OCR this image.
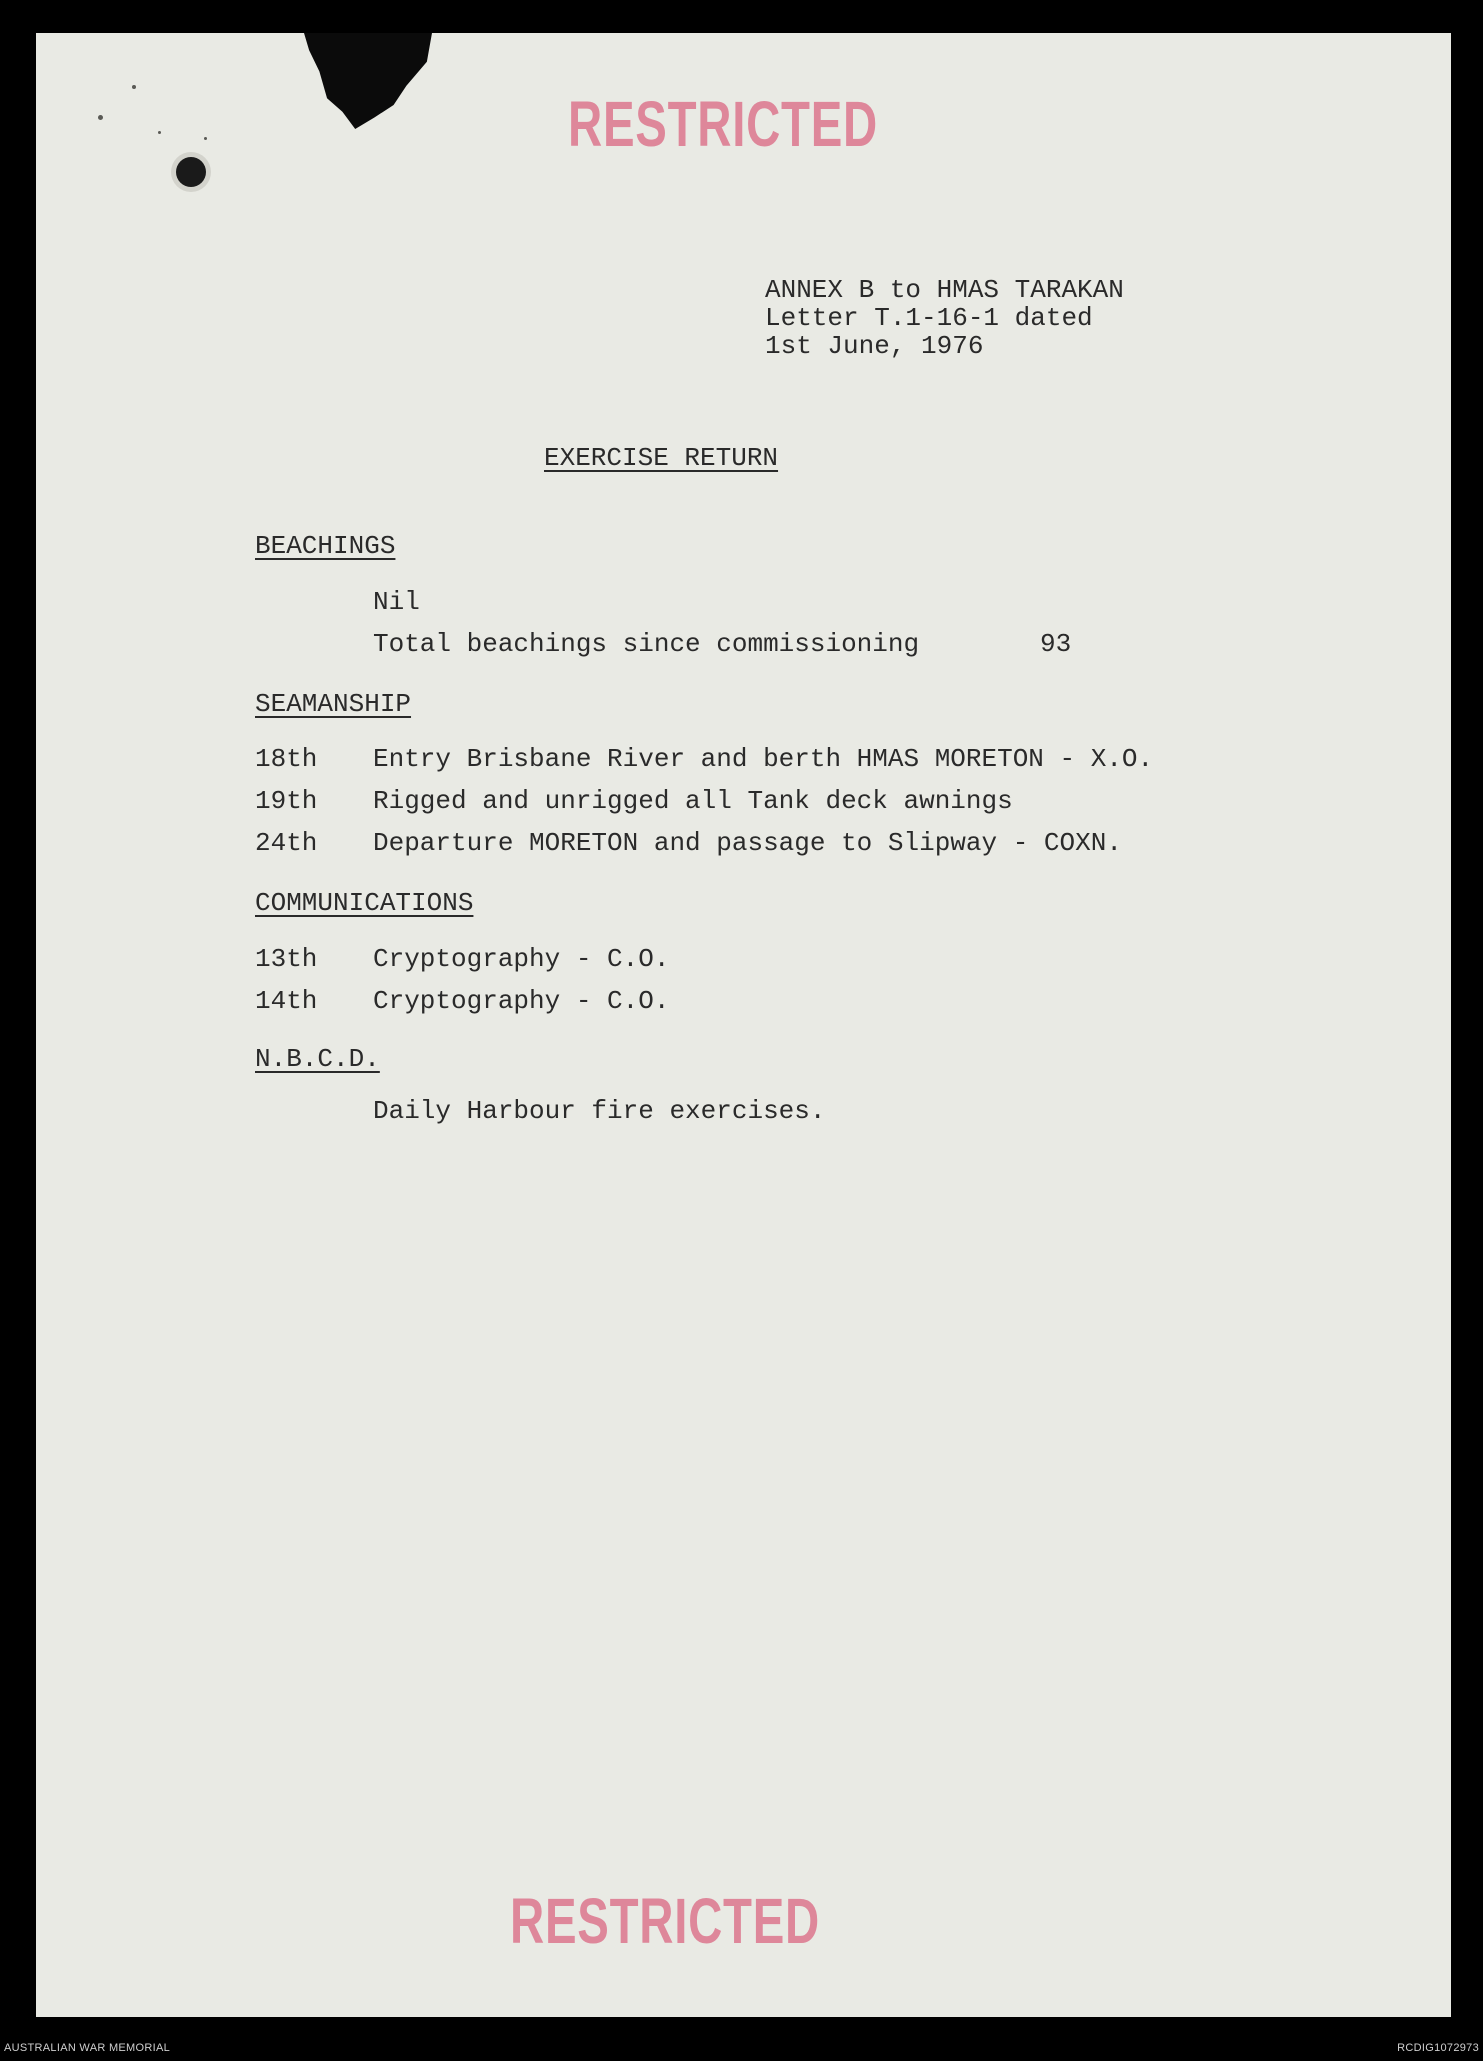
RESTRICTED
ANNEX B to HMAS TARAKAN
Letter T.1-16-1 dated
1st June, 1976
EXERCISE RETURN
BEACHINGS
Nil
Total beachings since commissioning	93
SEAMANSHIP
18th Entry Brisbane River and berth HMAS MORETON - X.O.
19th Rigged and unrigged all Tank deck awnings
24th Departure MORETON and passage to Slipway - COXN.
COMMUNICATIONS
13th Cryptography - C.O.
14th Cryptography - C.O.
N.B.C.D.
Daily Harbour fire exercises.
RESTRICTED
AUSTRALIAN WAR MEMORIAL	RCDIG1072973
